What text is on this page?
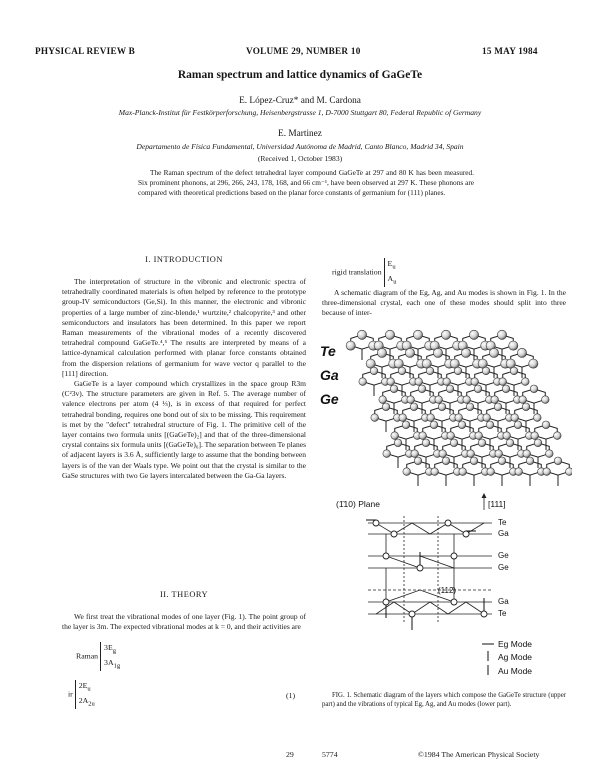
PHYSICAL REVIEW B	VOLUME 29, NUMBER 10	15 MAY 1984
Raman spectrum and lattice dynamics of GaGeTe
E. López-Cruz* and M. Cardona
Max-Planck-Institut für Festkörperforschung, Heisenbergstrasse 1, D-7000 Stuttgart 80, Federal Republic of Germany
E. Martinez
Departamento de Física Fundamental, Universidad Autónoma de Madrid, Canto Blanco, Madrid 34, Spain
(Received 1, October 1983)
The Raman spectrum of the defect tetrahedral layer compound GaGeTe at 297 and 80 K has been measured. Six prominent phonons, at 296, 266, 243, 178, 168, and 66 cm⁻¹, have been observed at 297 K. These phonons are compared with theoretical predictions based on the planar force constants of germanium for (111) planes.
I. INTRODUCTION
The interpretation of structure in the vibronic and electronic spectra of tetrahedrally coordinated materials is often helped by reference to the prototype group-IV semiconductors (Ge,Si). In this manner, the electronic and vibronic properties of a large number of zinc-blende,¹ wurtzite,² chalcopyrite,³ and other semiconductors and insulators has been determined. In this paper we report Raman measurements of the vibrational modes of a recently discovered tetrahedral compound GaGeTe.⁴,⁵ The results are interpreted by means of a lattice-dynamical calculation performed with planar force constants obtained from the dispersion relations of germanium for wave vector q parallel to the [111] direction.
GaGeTe is a layer compound which crystallizes in the space group R3m (C²3v). The structure parameters are given in Ref. 5. The average number of valence electrons per atom (4 ⅓), is in excess of that required for perfect tetrahedral bonding, requires one bond out of six to be missing. This requirement is met by the "defect" tetrahedral structure of Fig. 1. The primitive cell of the layer contains two formula units [(GaGeTe)₂] and that of the three-dimensional crystal contains six formula units [(GaGeTe)₆]. The separation between Te planes of adjacent layers is 3.6 Å, sufficiently large to assume that the bonding between layers is of the van der Waals type. We point out that the crystal is similar to the GaSe structures with two Ge layers intercalated between the Ga-Ga layers.
II. THEORY
We first treat the vibrational modes of one layer (Fig. 1). The point group of the layer is 3m. The expected vibrational modes at k = 0, and their activities are
Raman $3E_g$
$3A_{1g}$
ir $2E_u$
$2A_{2u}$
(1)
rigid translation $E_u$
$A_u$
A schematic diagram of the Eg, Ag, and Au modes is shown in Fig. 1. In the three-dimensional crystal, each one of these modes should split into three because of inter-
Te
Ga
Ge
(1̄10) Plane	[111]
Te
Ga
Ge
Ge
Ga
Te
(112̄)
Eg Mode
Ag Mode
Au Mode
FIG. 1. Schematic diagram of the layers which compose the GaGeTe structure (upper part) and the vibrations of typical Eg, Ag, and Au modes (lower part).
29	5774	©1984 The American Physical Society
